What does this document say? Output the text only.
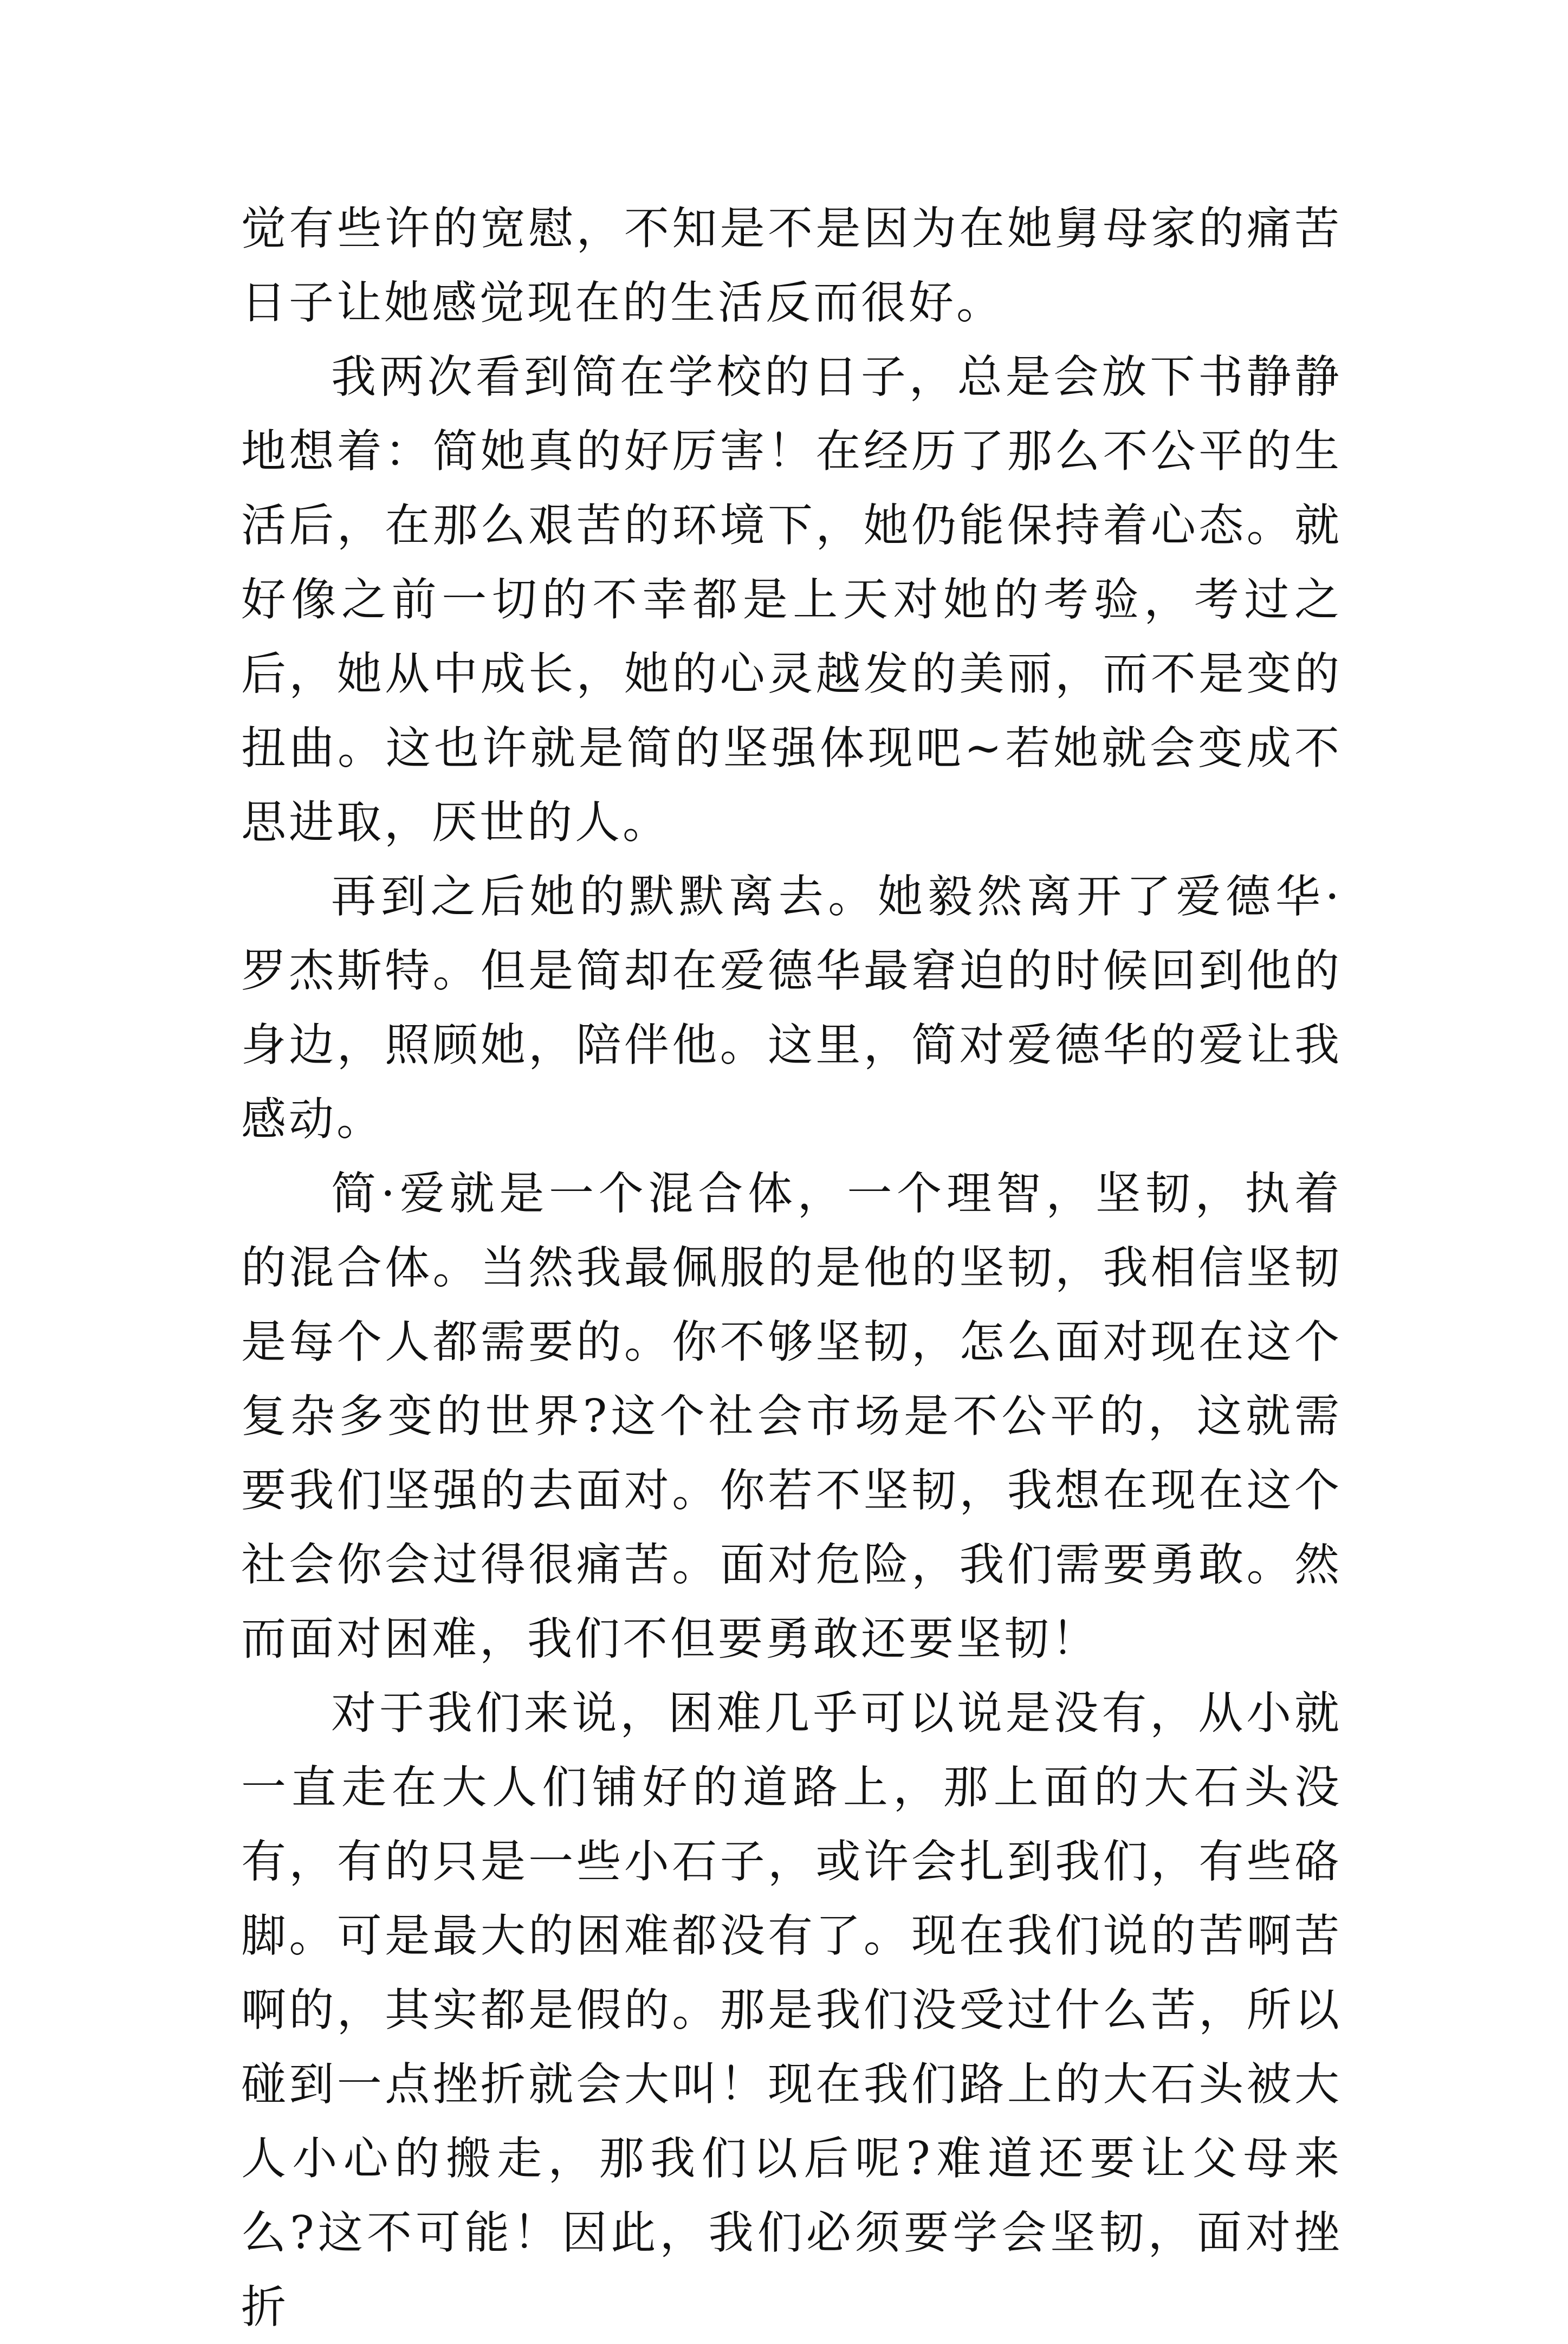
觉有些许的宽慰，不知是不是因为在她舅母家的痛苦日子让她感觉现在的生活反而很好。

我两次看到简在学校的日子，总是会放下书静静地想着：简她真的好厉害！在经历了那么不公平的生活后，在那么艰苦的环境下，她仍能保持着心态。就好像之前一切的不幸都是上天对她的考验，考过之后，她从中成长，她的心灵越发的美丽，而不是变的扭曲。这也许就是简的坚强体现吧~若她就会变成不思进取，厌世的人。

再到之后她的默默离去。她毅然离开了爱德华·罗杰斯特。但是简却在爱德华最窘迫的时候回到他的身边，照顾她，陪伴他。这里，简对爱德华的爱让我感动。

简·爱就是一个混合体，一个理智，坚韧，执着的混合体。当然我最佩服的是他的坚韧，我相信坚韧是每个人都需要的。你不够坚韧，怎么面对现在这个复杂多变的世界?这个社会市场是不公平的，这就需要我们坚强的去面对。你若不坚韧，我想在现在这个社会你会过得很痛苦。面对危险，我们需要勇敢。然而面对困难，我们不但要勇敢还要坚韧！

对于我们来说，困难几乎可以说是没有，从小就一直走在大人们铺好的道路上，那上面的大石头没有，有的只是一些小石子，或许会扎到我们，有些硌脚。可是最大的困难都没有了。现在我们说的苦啊苦啊的，其实都是假的。那是我们没受过什么苦，所以碰到一点挫折就会大叫！现在我们路上的大石头被大人小心的搬走，那我们以后呢?难道还要让父母来么?这不可能！因此，我们必须要学会坚韧，面对挫折
